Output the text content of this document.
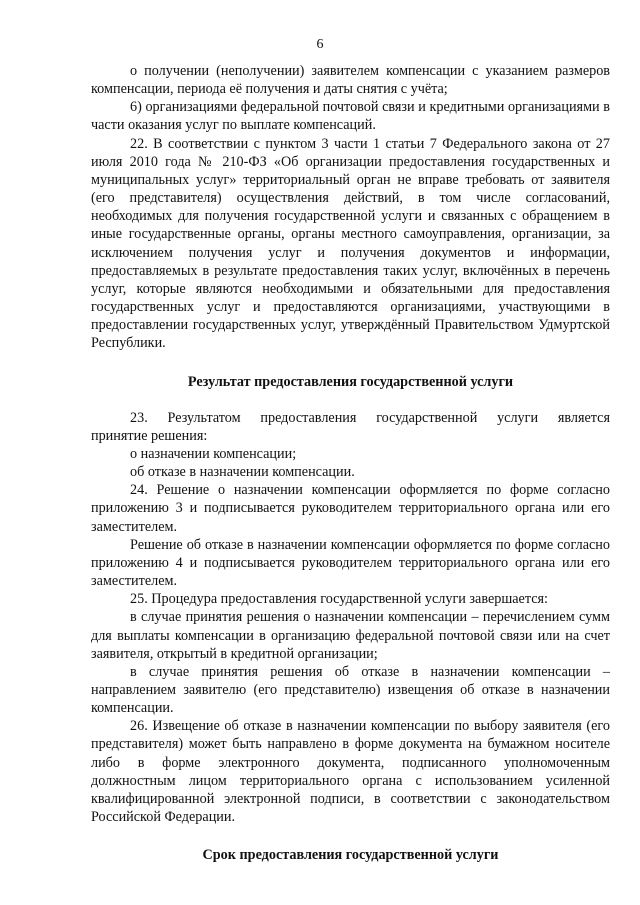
6

о получении (неполучении) заявителем компенсации с указанием размеров компенсации, периода её получения и даты снятия с учёта;

6) организациями федеральной почтовой связи и кредитными организациями в части оказания услуг по выплате компенсаций.

22. В соответствии с пунктом 3 части 1 статьи 7 Федерального закона от 27 июля 2010 года № 210-ФЗ «Об организации предоставления государственных и муниципальных услуг» территориальный орган не вправе требовать от заявителя (его представителя) осуществления действий, в том числе согласований, необходимых для получения государственной услуги и связанных с обращением в иные государственные органы, органы местного самоуправления, организации, за исключением получения услуг и получения документов и информации, предоставляемых в результате предоставления таких услуг, включённых в перечень услуг, которые являются необходимыми и обязательными для предоставления государственных услуг и предоставляются организациями, участвующими в предоставлении государственных услуг, утверждённый Правительством Удмуртской Республики.

Результат предоставления государственной услуги

23. Результатом предоставления государственной услуги является

принятие решения:

о назначении компенсации;

об отказе в назначении компенсации.

24. Решение о назначении компенсации оформляется по форме согласно приложению 3 и подписывается руководителем территориального органа или его заместителем.

Решение об отказе в назначении компенсации оформляется по форме согласно приложению 4 и подписывается руководителем территориального органа или его заместителем.

25. Процедура предоставления государственной услуги завершается:

в случае принятия решения о назначении компенсации – перечислением сумм для выплаты компенсации в организацию федеральной почтовой связи или на счет заявителя, открытый в кредитной организации;

в случае принятия решения об отказе в назначении компенсации – направлением заявителю (его представителю) извещения об отказе в назначении компенсации.

26. Извещение об отказе в назначении компенсации по выбору заявителя (его представителя) может быть направлено в форме документа на бумажном носителе либо в форме электронного документа, подписанного уполномоченным должностным лицом территориального органа с использованием усиленной квалифицированной электронной подписи, в соответствии с законодательством Российской Федерации.

Срок предоставления государственной услуги
